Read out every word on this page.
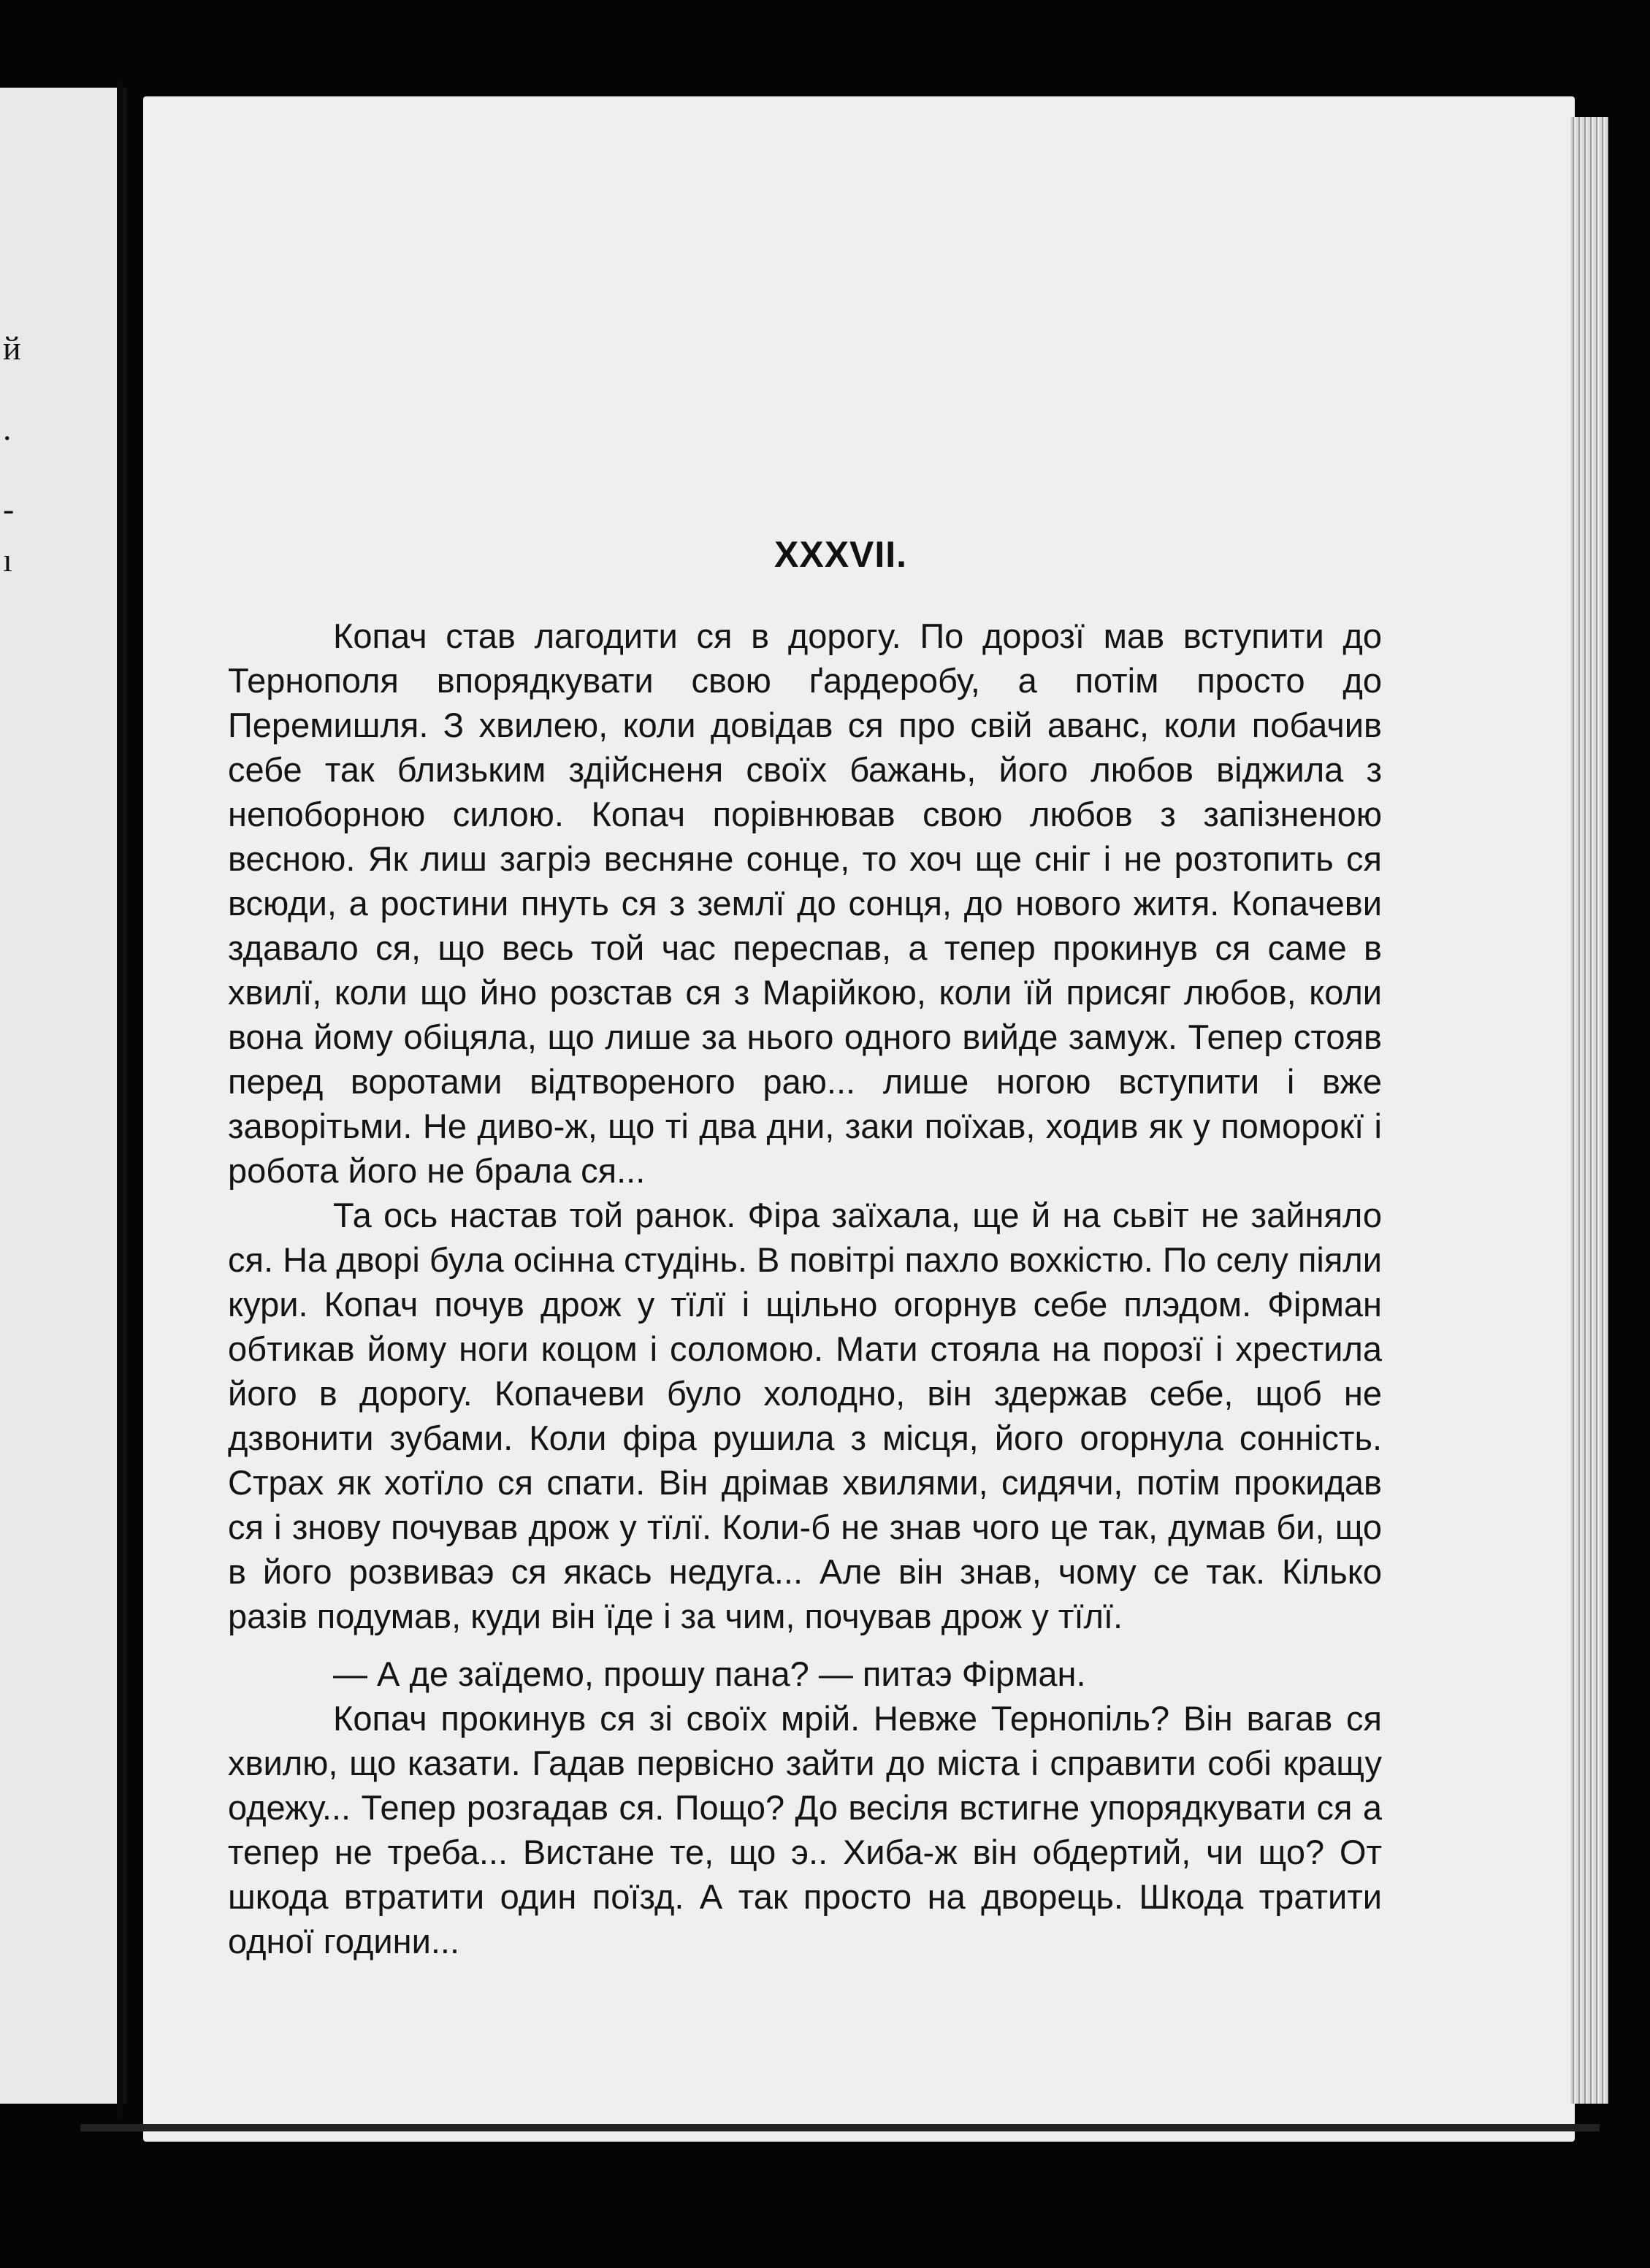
й
.
-
ı	XXXVII.

Копач став лагодити ся в дорогу. По дорозї мав вступити до Тернополя впорядкувати свою ґардеробу, а потім просто до Перемишля. З хвилею, коли довідав ся про свій аванс, коли побачив себе так близьким здійсненя своїх бажань, його любов віджила з непоборною силою. Копач порівнював свою любов з запізненою весною. Як лиш загріэ весняне сонце, то хоч ще сніг і не розтопить ся всюди, а ростини пнуть ся з землї до сонця, до нового житя. Копачеви здавало ся, що весь той час переспав, а тепер прокинув ся саме в хвилї, коли що йно розстав ся з Марійкою, коли їй присяг любов, коли вона йому обіцяла, що лише за нього одного вийде замуж. Тепер стояв перед воротами відтвореного раю... лише ногою вступити і вже заворітьми. Не диво-ж, що ті два дни, заки поїхав, ходив як у поморокї і робота його не брала ся...

Та ось настав той ранок. Фіра заїхала, ще й на сьвіт не зайняло ся. На дворі була осінна студінь. В повітрі пахло вохкістю. По селу піяли кури. Копач почув дрож у тїлї і щільно огорнув себе плэдом. Фірман обтикав йому ноги коцом і соломою. Мати стояла на порозї і хрестила його в дорогу. Копачеви було холодно, він здержав себе, щоб не дзвонити зубами. Коли фіра рушила з місця, його огорнула сонність. Страх як хотїло ся спати. Він дрімав хвилями, сидячи, потім прокидав ся і знову почував дрож у тїлї. Коли-б не знав чого це так, думав би, що в його розвиваэ ся якась недуга... Але він знав, чому се так. Кілько разів подумав, куди він їде і за чим, почував дрож у тїлї.

— А де заїдемо, прошу пана? — питаэ Фірман.

Копач прокинув ся зі своїх мрій. Невже Тернопіль? Він вагав ся хвилю, що казати. Гадав первісно зайти до міста і справити собі кращу одежу... Тепер розгадав ся. Пощо? До весіля встигне упорядкувати ся а тепер не треба... Вистане те, що э.. Хиба-ж він обдертий, чи що? От шкода втратити один поїзд. А так просто на дворець. Шкода тратити одної години...
